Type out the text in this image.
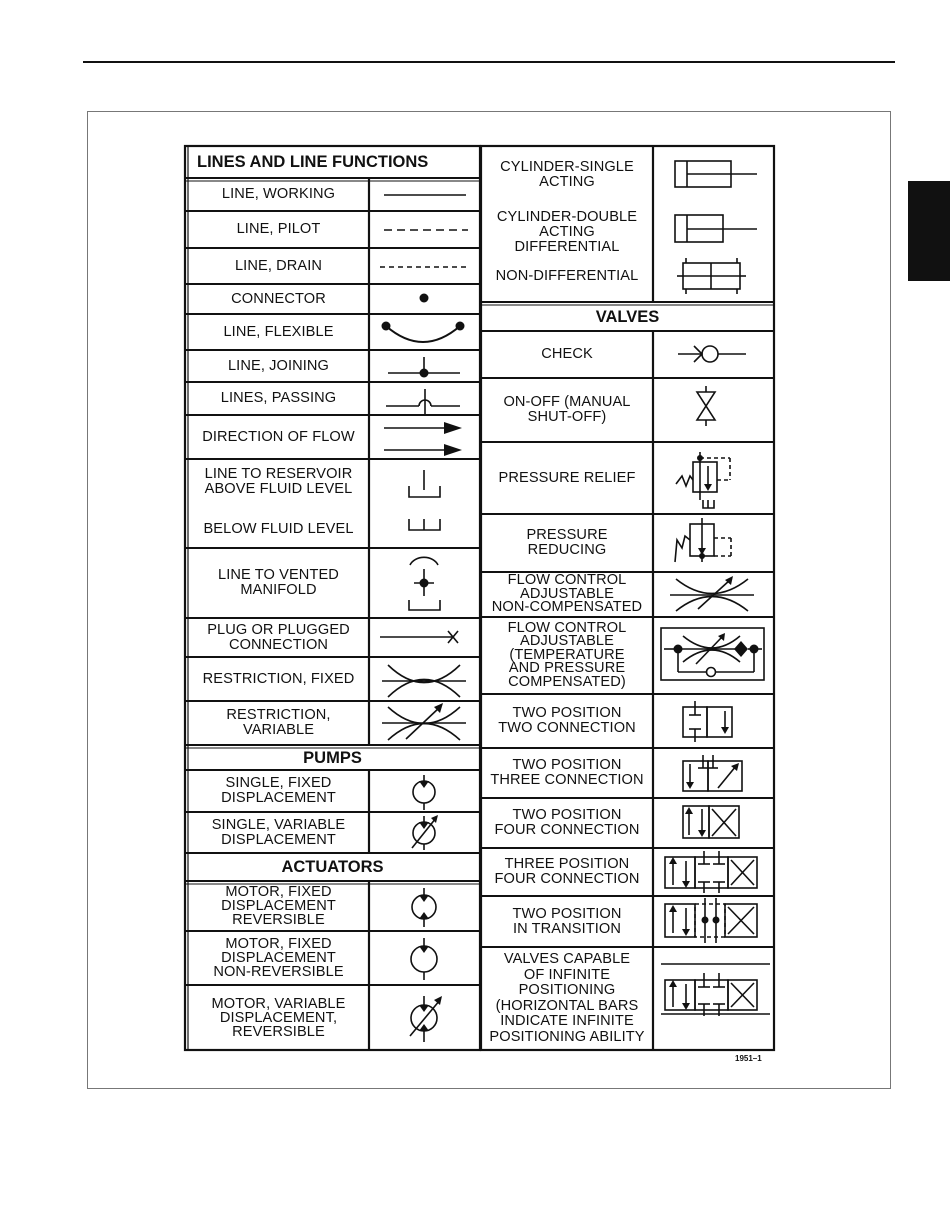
LINES AND LINE FUNCTIONS
PUMPS
ACTUATORS
VALVES
LINE, WORKING
LINE, PILOT
LINE, DRAIN
CONNECTOR
LINE, FLEXIBLE
LINE, JOINING
LINES, PASSING
DIRECTION OF FLOW
LINE TO RESERVOIR
ABOVE FLUID LEVEL
BELOW FLUID LEVEL
LINE TO VENTED
MANIFOLD
PLUG OR PLUGGED
CONNECTION
RESTRICTION, FIXED
RESTRICTION,
VARIABLE
SINGLE, FIXED
DISPLACEMENT
SINGLE, VARIABLE
DISPLACEMENT
MOTOR, FIXED
DISPLACEMENT
REVERSIBLE
MOTOR, FIXED
DISPLACEMENT
NON-REVERSIBLE
MOTOR, VARIABLE
DISPLACEMENT,
REVERSIBLE
CYLINDER-SINGLE
ACTING
CYLINDER-DOUBLE
ACTING
DIFFERENTIAL
NON-DIFFERENTIAL
CHECK
ON-OFF (MANUAL
SHUT-OFF)
PRESSURE RELIEF
PRESSURE
REDUCING
FLOW CONTROL
ADJUSTABLE
NON-COMPENSATED
FLOW CONTROL
ADJUSTABLE
(TEMPERATURE
AND PRESSURE
COMPENSATED)
TWO POSITION
TWO CONNECTION
TWO POSITION
THREE CONNECTION
TWO POSITION
FOUR CONNECTION
THREE POSITION
FOUR CONNECTION
TWO POSITION
IN TRANSITION
VALVES CAPABLE
OF INFINITE
POSITIONING
(HORIZONTAL BARS
INDICATE INFINITE
POSITIONING ABILITY
1951–1
